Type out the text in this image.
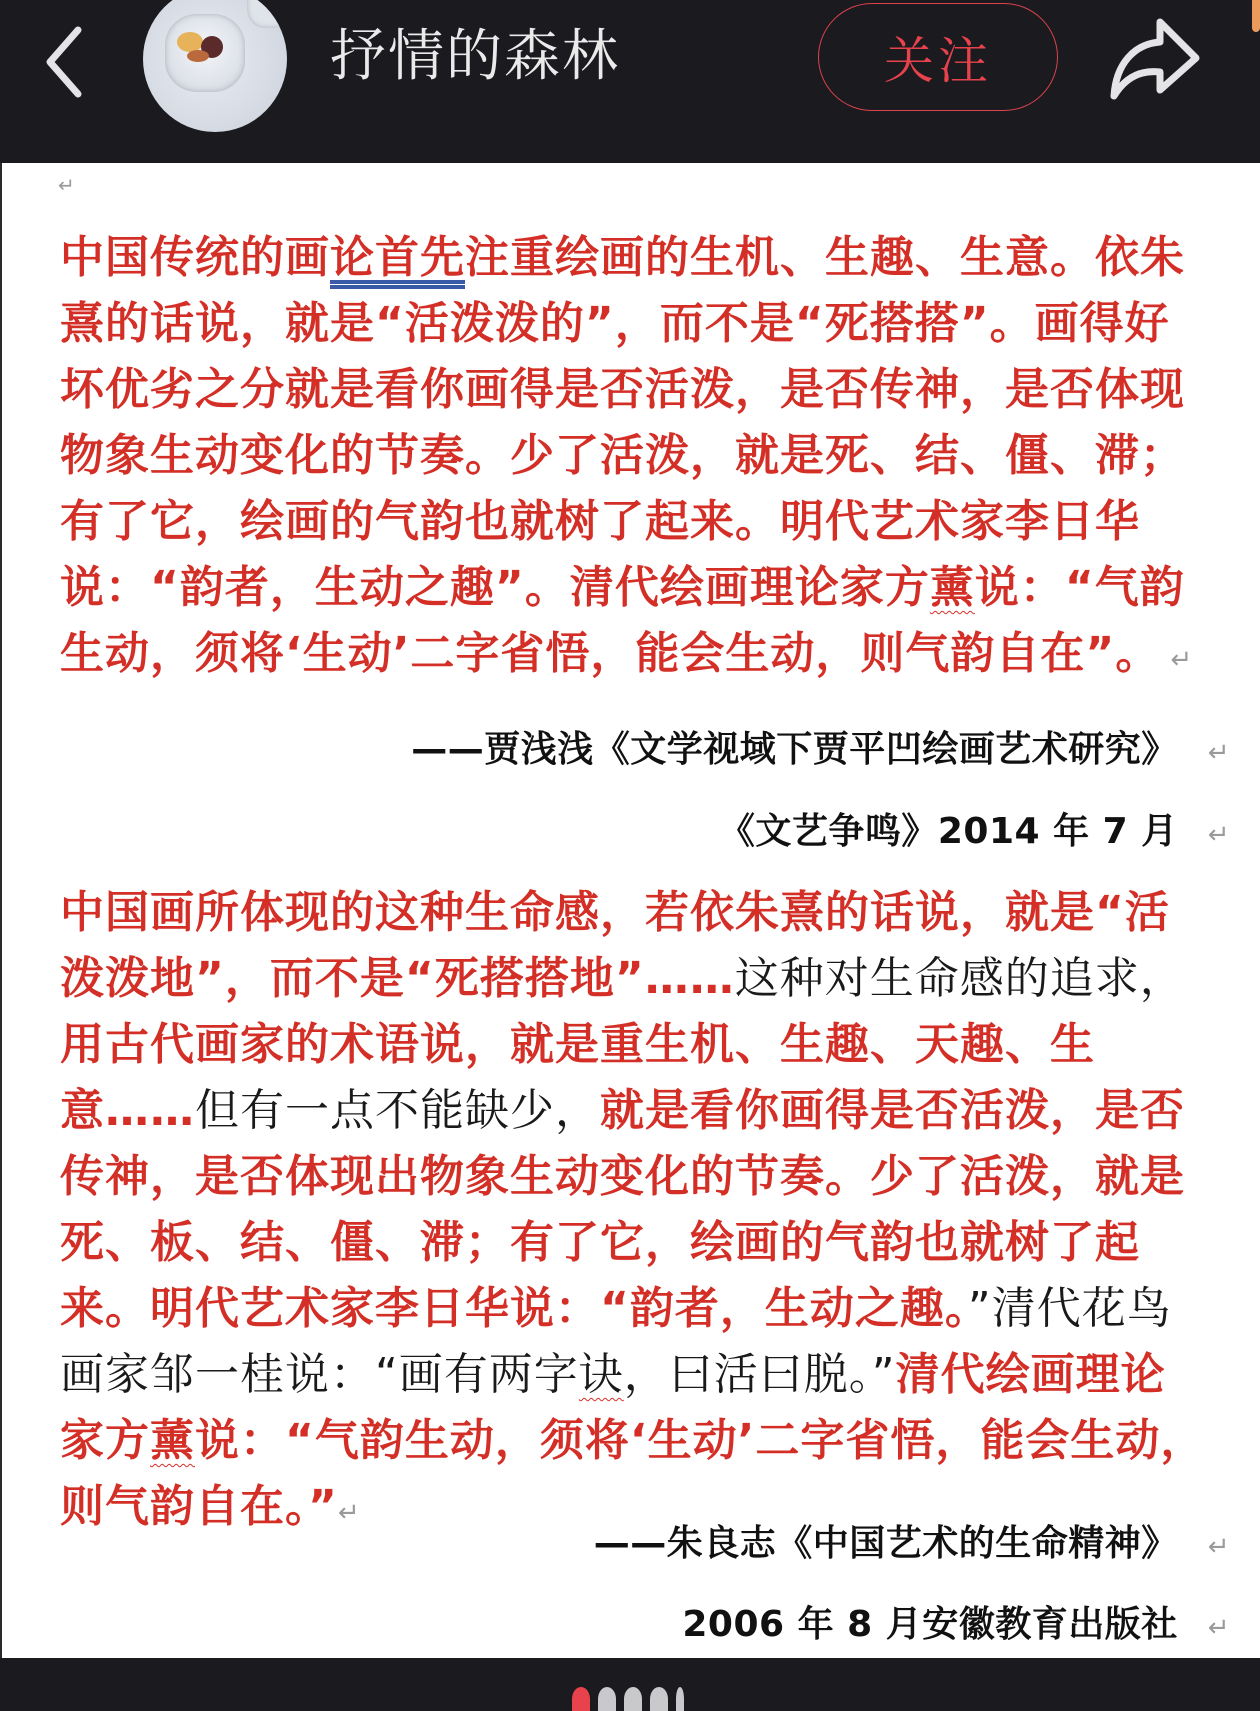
抒情的森林	关注
↵

中国传统的画论首先注重绘画的生机、生趣、生意。依朱熹的话说，就是“活泼泼的”，而不是“死搭搭”。画得好坏优劣之分就是看你画得是否活泼，是否传神，是否体现物象生动变化的节奏。少了活泼，就是死、结、僵、滞；有了它，绘画的气韵也就树了起来。明代艺术家李日华说：“韵者，生动之趣”。清代绘画理论家方薰说：“气韵生动，须将‘生动’二字省悟，能会生动，则气韵自在”。 ↵

——贾浅浅《文学视域下贾平凹绘画艺术研究》 ↵
《文艺争鸣》2014 年 7 月 ↵

中国画所体现的这种生命感，若依朱熹的话说，就是“活泼泼地”，而不是“死搭搭地”……这种对生命感的追求，用古代画家的术语说，就是重生机、生趣、天趣、生意……但有一点不能缺少，就是看你画得是否活泼，是否传神，是否体现出物象生动变化的节奏。少了活泼，就是死、板、结、僵、滞；有了它，绘画的气韵也就树了起来。明代艺术家李日华说：“韵者，生动之趣。”清代花鸟画家邹一桂说：“画有两字诀，曰活曰脱。”清代绘画理论家方薰说：“气韵生动，须将‘生动’二字省悟，能会生动，则气韵自在。”↵

——朱良志《中国艺术的生命精神》 ↵
2006 年 8 月安徽教育出版社 ↵
